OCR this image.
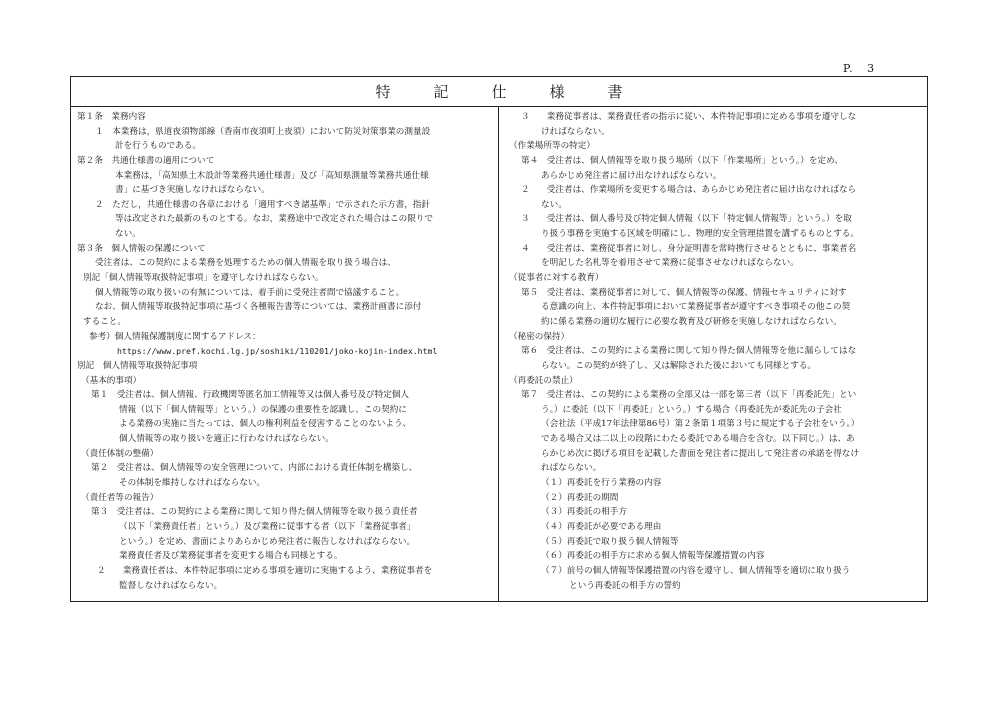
P.   3
特　記　仕　様　書
第１条　業務内容
１　本業務は，県道夜須物部線（香南市夜須町上夜須）において防災対策事業の測量設
計を行うものである。
第２条　共通仕様書の適用について
本業務は，「高知県土木設計等業務共通仕様書」及び「高知県測量等業務共通仕様
書」に基づき実施しなければならない。
２　ただし，共通仕様書の各章における「適用すべき諸基準」で示された示方書，指針
等は改定された最新のものとする。なお，業務途中で改定された場合はこの限りで
ない。
第３条　個人情報の保護について
受注者は、この契約による業務を処理するための個人情報を取り扱う場合は、
別記「個人情報等取扱特記事項」を遵守しなければならない。
個人情報等の取り扱いの有無については、着手前に受発注者間で協議すること。
なお、個人情報等取扱特記事項に基づく各種報告書等については、業務計画書に添付
すること。
参考）個人情報保護制度に関するアドレス：
https://www.pref.kochi.lg.jp/soshiki/110201/joko-kojin-index.html
別記　個人情報等取扱特記事項
（基本的事項）
第１　受注者は、個人情報、行政機関等匿名加工情報等又は個人番号及び特定個人
情報（以下「個人情報等」という。）の保護の重要性を認識し、この契約に
よる業務の実施に当たっては、個人の権利利益を侵害することのないよう、
個人情報等の取り扱いを適正に行わなければならない。
（責任体制の整備）
第２　受注者は、個人情報等の安全管理について、内部における責任体制を構築し、
その体制を維持しなければならない。
（責任者等の報告）
第３　受注者は、この契約による業務に関して知り得た個人情報等を取り扱う責任者
（以下「業務責任者」という。）及び業務に従事する者（以下「業務従事者」
という。）を定め、書面によりあらかじめ発注者に報告しなければならない。
業務責任者及び業務従事者を変更する場合も同様とする。
２　　業務責任者は、本件特記事項に定める事項を適切に実施するよう、業務従事者を
監督しなければならない。
３　　業務従事者は、業務責任者の指示に従い、本件特記事項に定める事項を遵守しな
ければならない。
（作業場所等の特定）
第４　受注者は、個人情報等を取り扱う場所（以下「作業場所」という。）を定め、
あらかじめ発注者に届け出なければならない。
２　　受注者は、作業場所を変更する場合は、あらかじめ発注者に届け出なければなら
ない。
３　　受注者は、個人番号及び特定個人情報（以下「特定個人情報等」という。）を取
り扱う事務を実施する区域を明確にし、物理的安全管理措置を講ずるものとする。
４　　受注者は、業務従事者に対し、身分証明書を常時携行させるとともに、事業者名
を明記した名札等を着用させて業務に従事させなければならない。
（従事者に対する教育）
第５　受注者は、業務従事者に対して、個人情報等の保護、情報セキュリティに対す
る意識の向上、本件特記事項において業務従事者が遵守すべき事項その他この契
約に係る業務の適切な履行に必要な教育及び研修を実施しなければならない。
（秘密の保持）
第６　受注者は、この契約による業務に関して知り得た個人情報等を他に漏らしてはな
らない。この契約が終了し、又は解除された後においても同様とする。
（再委託の禁止）
第７　受注者は、この契約による業務の全部又は一部を第三者（以下「再委託先」とい
う。）に委託（以下「再委託」という。）する場合（再委託先が委託先の子会社
（会社法（平成17年法律第86号）第２条第１項第３号に規定する子会社をいう。）
である場合又は二以上の段階にわたる委託である場合を含む。以下同じ。）は、あ
らかじめ次に掲げる項目を記載した書面を発注者に提出して発注者の承諾を得なけ
ればならない。
（１）再委託を行う業務の内容
（２）再委託の期間
（３）再委託の相手方
（４）再委託が必要である理由
（５）再委託で取り扱う個人情報等
（６）再委託の相手方に求める個人情報等保護措置の内容
（７）前号の個人情報等保護措置の内容を遵守し、個人情報等を適切に取り扱う
という再委託の相手方の誓約
